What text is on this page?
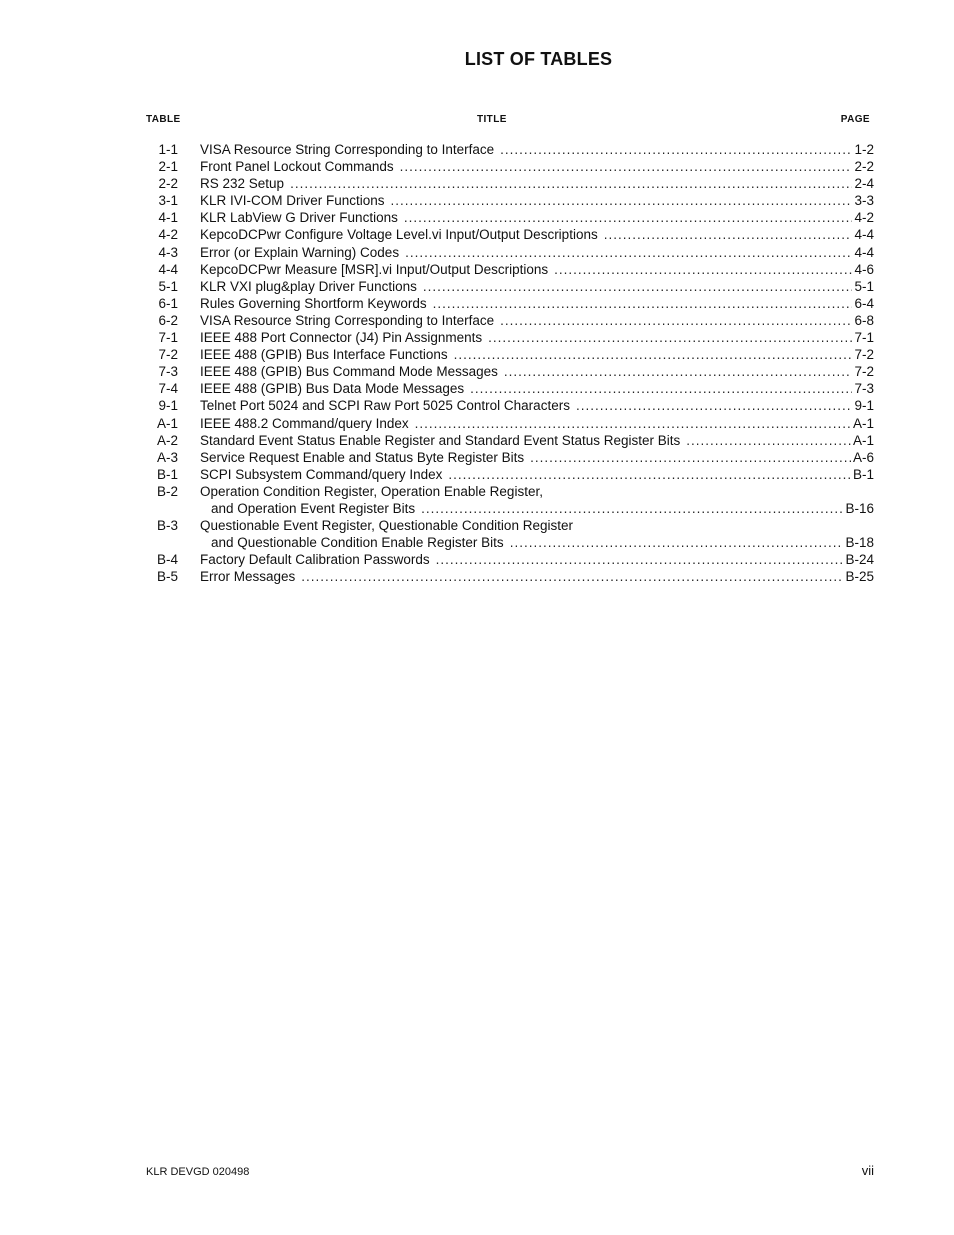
LIST OF TABLES
TABLE	TITLE	PAGE
1-1 VISA Resource String Corresponding to Interface .....	1-2
2-1 Front Panel Lockout Commands .....	2-2
2-2 RS 232 Setup .....	2-4
3-1 KLR IVI-COM Driver Functions .....	3-3
4-1 KLR LabView G Driver Functions .....	4-2
4-2 KepcoDCPwr Configure Voltage Level.vi Input/Output Descriptions .....	4-4
4-3 Error (or Explain Warning) Codes .....	4-4
4-4 KepcoDCPwr Measure [MSR].vi Input/Output Descriptions .....	4-6
5-1 KLR VXI plug&play Driver Functions .....	5-1
6-1 Rules Governing Shortform Keywords .....	6-4
6-2 VISA Resource String Corresponding to Interface .....	6-8
7-1 IEEE 488 Port Connector (J4) Pin Assignments .....	7-1
7-2 IEEE 488 (GPIB) Bus Interface Functions .....	7-2
7-3 IEEE 488 (GPIB) Bus Command Mode Messages .....	7-2
7-4 IEEE 488 (GPIB) Bus Data Mode Messages .....	7-3
9-1 Telnet Port 5024 and SCPI Raw Port 5025 Control Characters .....	9-1
A-1 IEEE 488.2 Command/query Index .....	A-1
A-2 Standard Event Status Enable Register and Standard Event Status Register Bits .....	A-1
A-3 Service Request Enable and Status Byte Register Bits .....	A-6
B-1 SCPI Subsystem Command/query Index .....	B-1
B-2 Operation Condition Register, Operation Enable Register,
and Operation Event Register Bits .....	B-16
B-3 Questionable Event Register, Questionable Condition Register
and Questionable Condition Enable Register Bits .....	B-18
B-4 Factory Default Calibration Passwords .....	B-24
B-5 Error Messages .....	B-25
KLR DEVGD 020498	vii
